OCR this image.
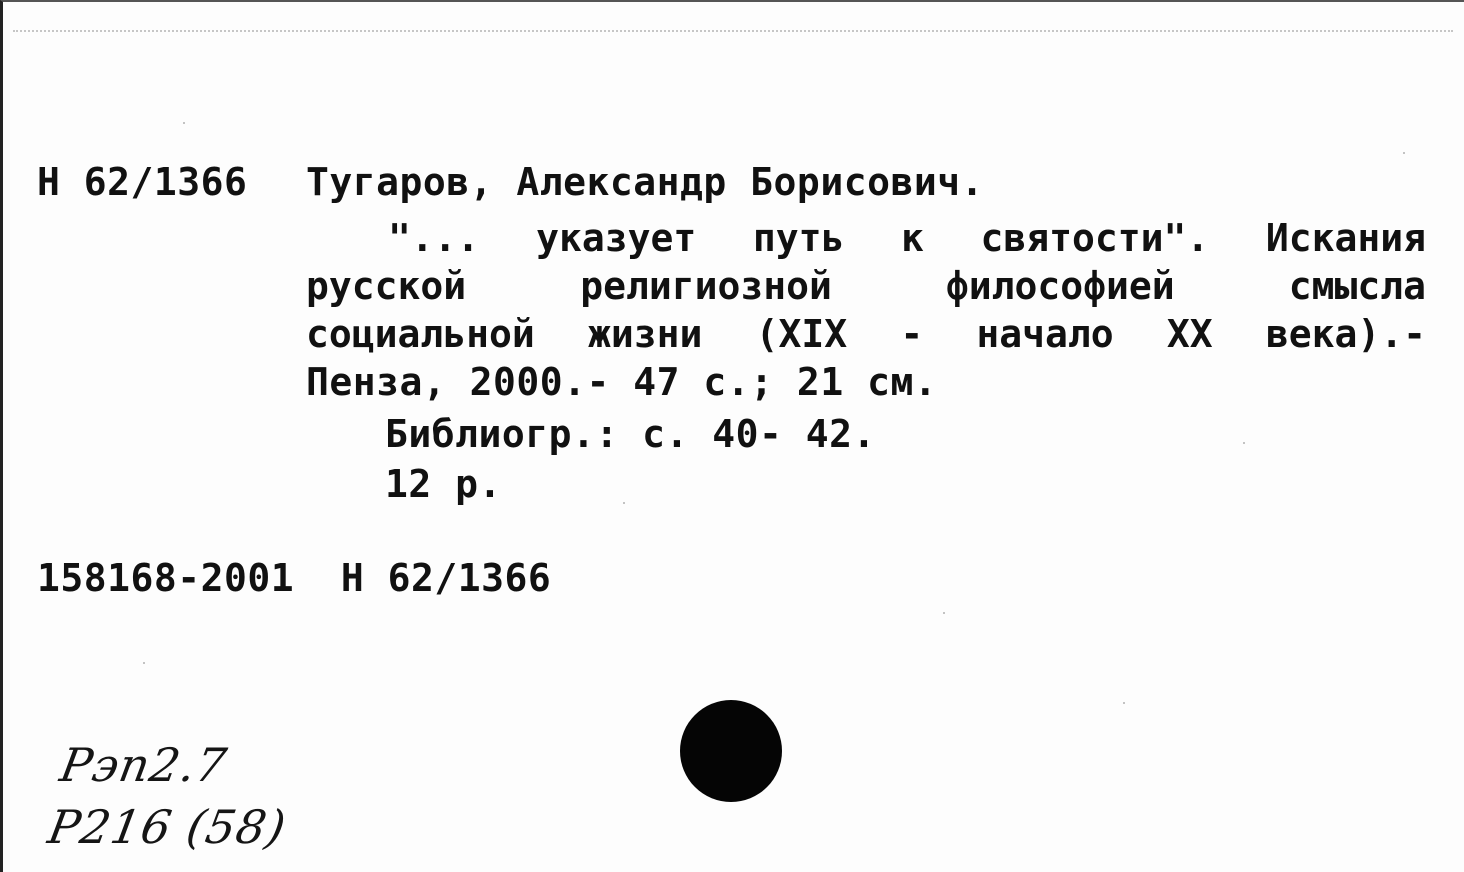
Н 62/1366 Тугаров, Александр Борисович.
"... указует путь к святости". Искания
русской религиозной философией смысла
социальной жизни (XIX - начало XX века).-
Пенза, 2000.- 47 с.; 21 см.
Библиогр.: с. 40- 42.
12 р.
158168-2001  Н 62/1366
Рэп2.7
Р216 (58)
